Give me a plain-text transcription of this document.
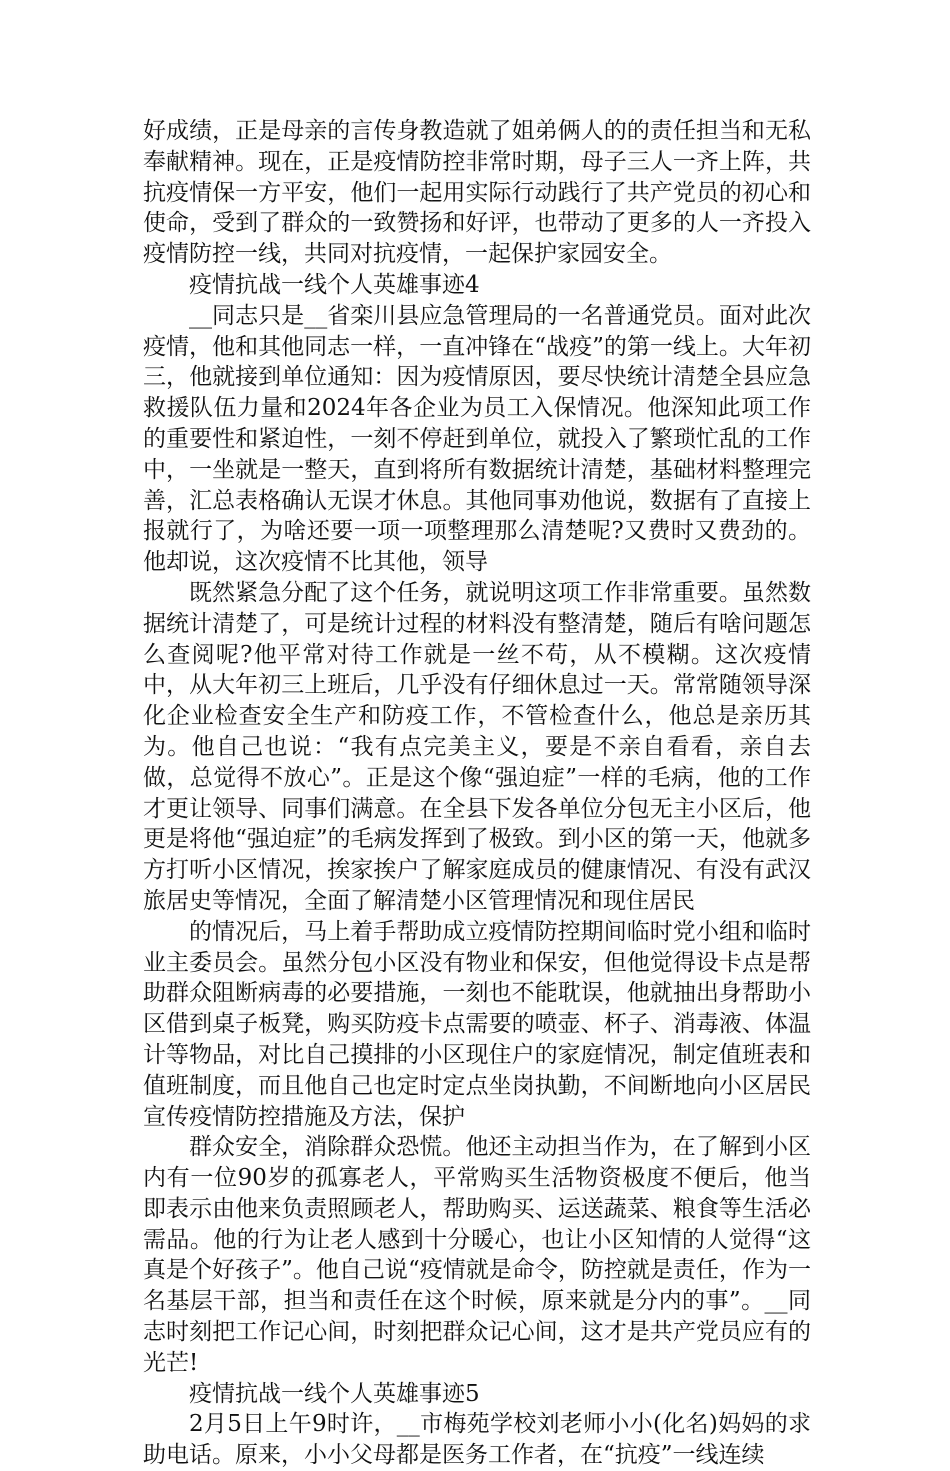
好成绩，正是母亲的言传身教造就了姐弟俩人的的责任担当和无私奉献精神。现在，正是疫情防控非常时期，母子三人一齐上阵，共抗疫情保一方平安，他们一起用实际行动践行了共产党员的初心和使命，受到了群众的一致赞扬和好评，也带动了更多的人一齐投入疫情防控一线，共同对抗疫情，一起保护家园安全。

疫情抗战一线个人英雄事迹4

__同志只是__省栾川县应急管理局的一名普通党员。面对此次疫情，他和其他同志一样，一直冲锋在“战疫”的第一线上。大年初三，他就接到单位通知：因为疫情原因，要尽快统计清楚全县应急救援队伍力量和2024年各企业为员工入保情况。他深知此项工作的重要性和紧迫性，一刻不停赶到单位，就投入了繁琐忙乱的工作中，一坐就是一整天，直到将所有数据统计清楚，基础材料整理完善，汇总表格确认无误才休息。其他同事劝他说，数据有了直接上报就行了，为啥还要一项一项整理那么清楚呢?又费时又费劲的。他却说，这次疫情不比其他，领导

既然紧急分配了这个任务，就说明这项工作非常重要。虽然数据统计清楚了，可是统计过程的材料没有整清楚，随后有啥问题怎么查阅呢?他平常对待工作就是一丝不苟，从不模糊。这次疫情中，从大年初三上班后，几乎没有仔细休息过一天。常常随领导深化企业检查安全生产和防疫工作，不管检查什么，他总是亲历其为。他自己也说：“我有点完美主义，要是不亲自看看，亲自去做，总觉得不放心”。正是这个像“强迫症”一样的毛病，他的工作才更让领导、同事们满意。在全县下发各单位分包无主小区后，他更是将他“强迫症”的毛病发挥到了极致。到小区的第一天，他就多方打听小区情况，挨家挨户了解家庭成员的健康情况、有没有武汉旅居史等情况，全面了解清楚小区管理情况和现住居民

的情况后，马上着手帮助成立疫情防控期间临时党小组和临时业主委员会。虽然分包小区没有物业和保安，但他觉得设卡点是帮助群众阻断病毒的必要措施，一刻也不能耽误，他就抽出身帮助小区借到桌子板凳，购买防疫卡点需要的喷壶、杯子、消毒液、体温计等物品，对比自己摸排的小区现住户的家庭情况，制定值班表和值班制度，而且他自己也定时定点坐岗执勤，不间断地向小区居民宣传疫情防控措施及方法，保护

群众安全，消除群众恐慌。他还主动担当作为，在了解到小区内有一位90岁的孤寡老人，平常购买生活物资极度不便后，他当即表示由他来负责照顾老人，帮助购买、运送蔬菜、粮食等生活必需品。他的行为让老人感到十分暖心，也让小区知情的人觉得“这真是个好孩子”。他自己说“疫情就是命令，防控就是责任，作为一名基层干部，担当和责任在这个时候，原来就是分内的事”。__同志时刻把工作记心间，时刻把群众记心间，这才是共产党员应有的光芒!

疫情抗战一线个人英雄事迹5

2月5日上午9时许，__市梅苑学校刘老师小小(化名)妈妈的求助电话。原来，小小父母都是医务工作者，在“抗疫”一线连续
